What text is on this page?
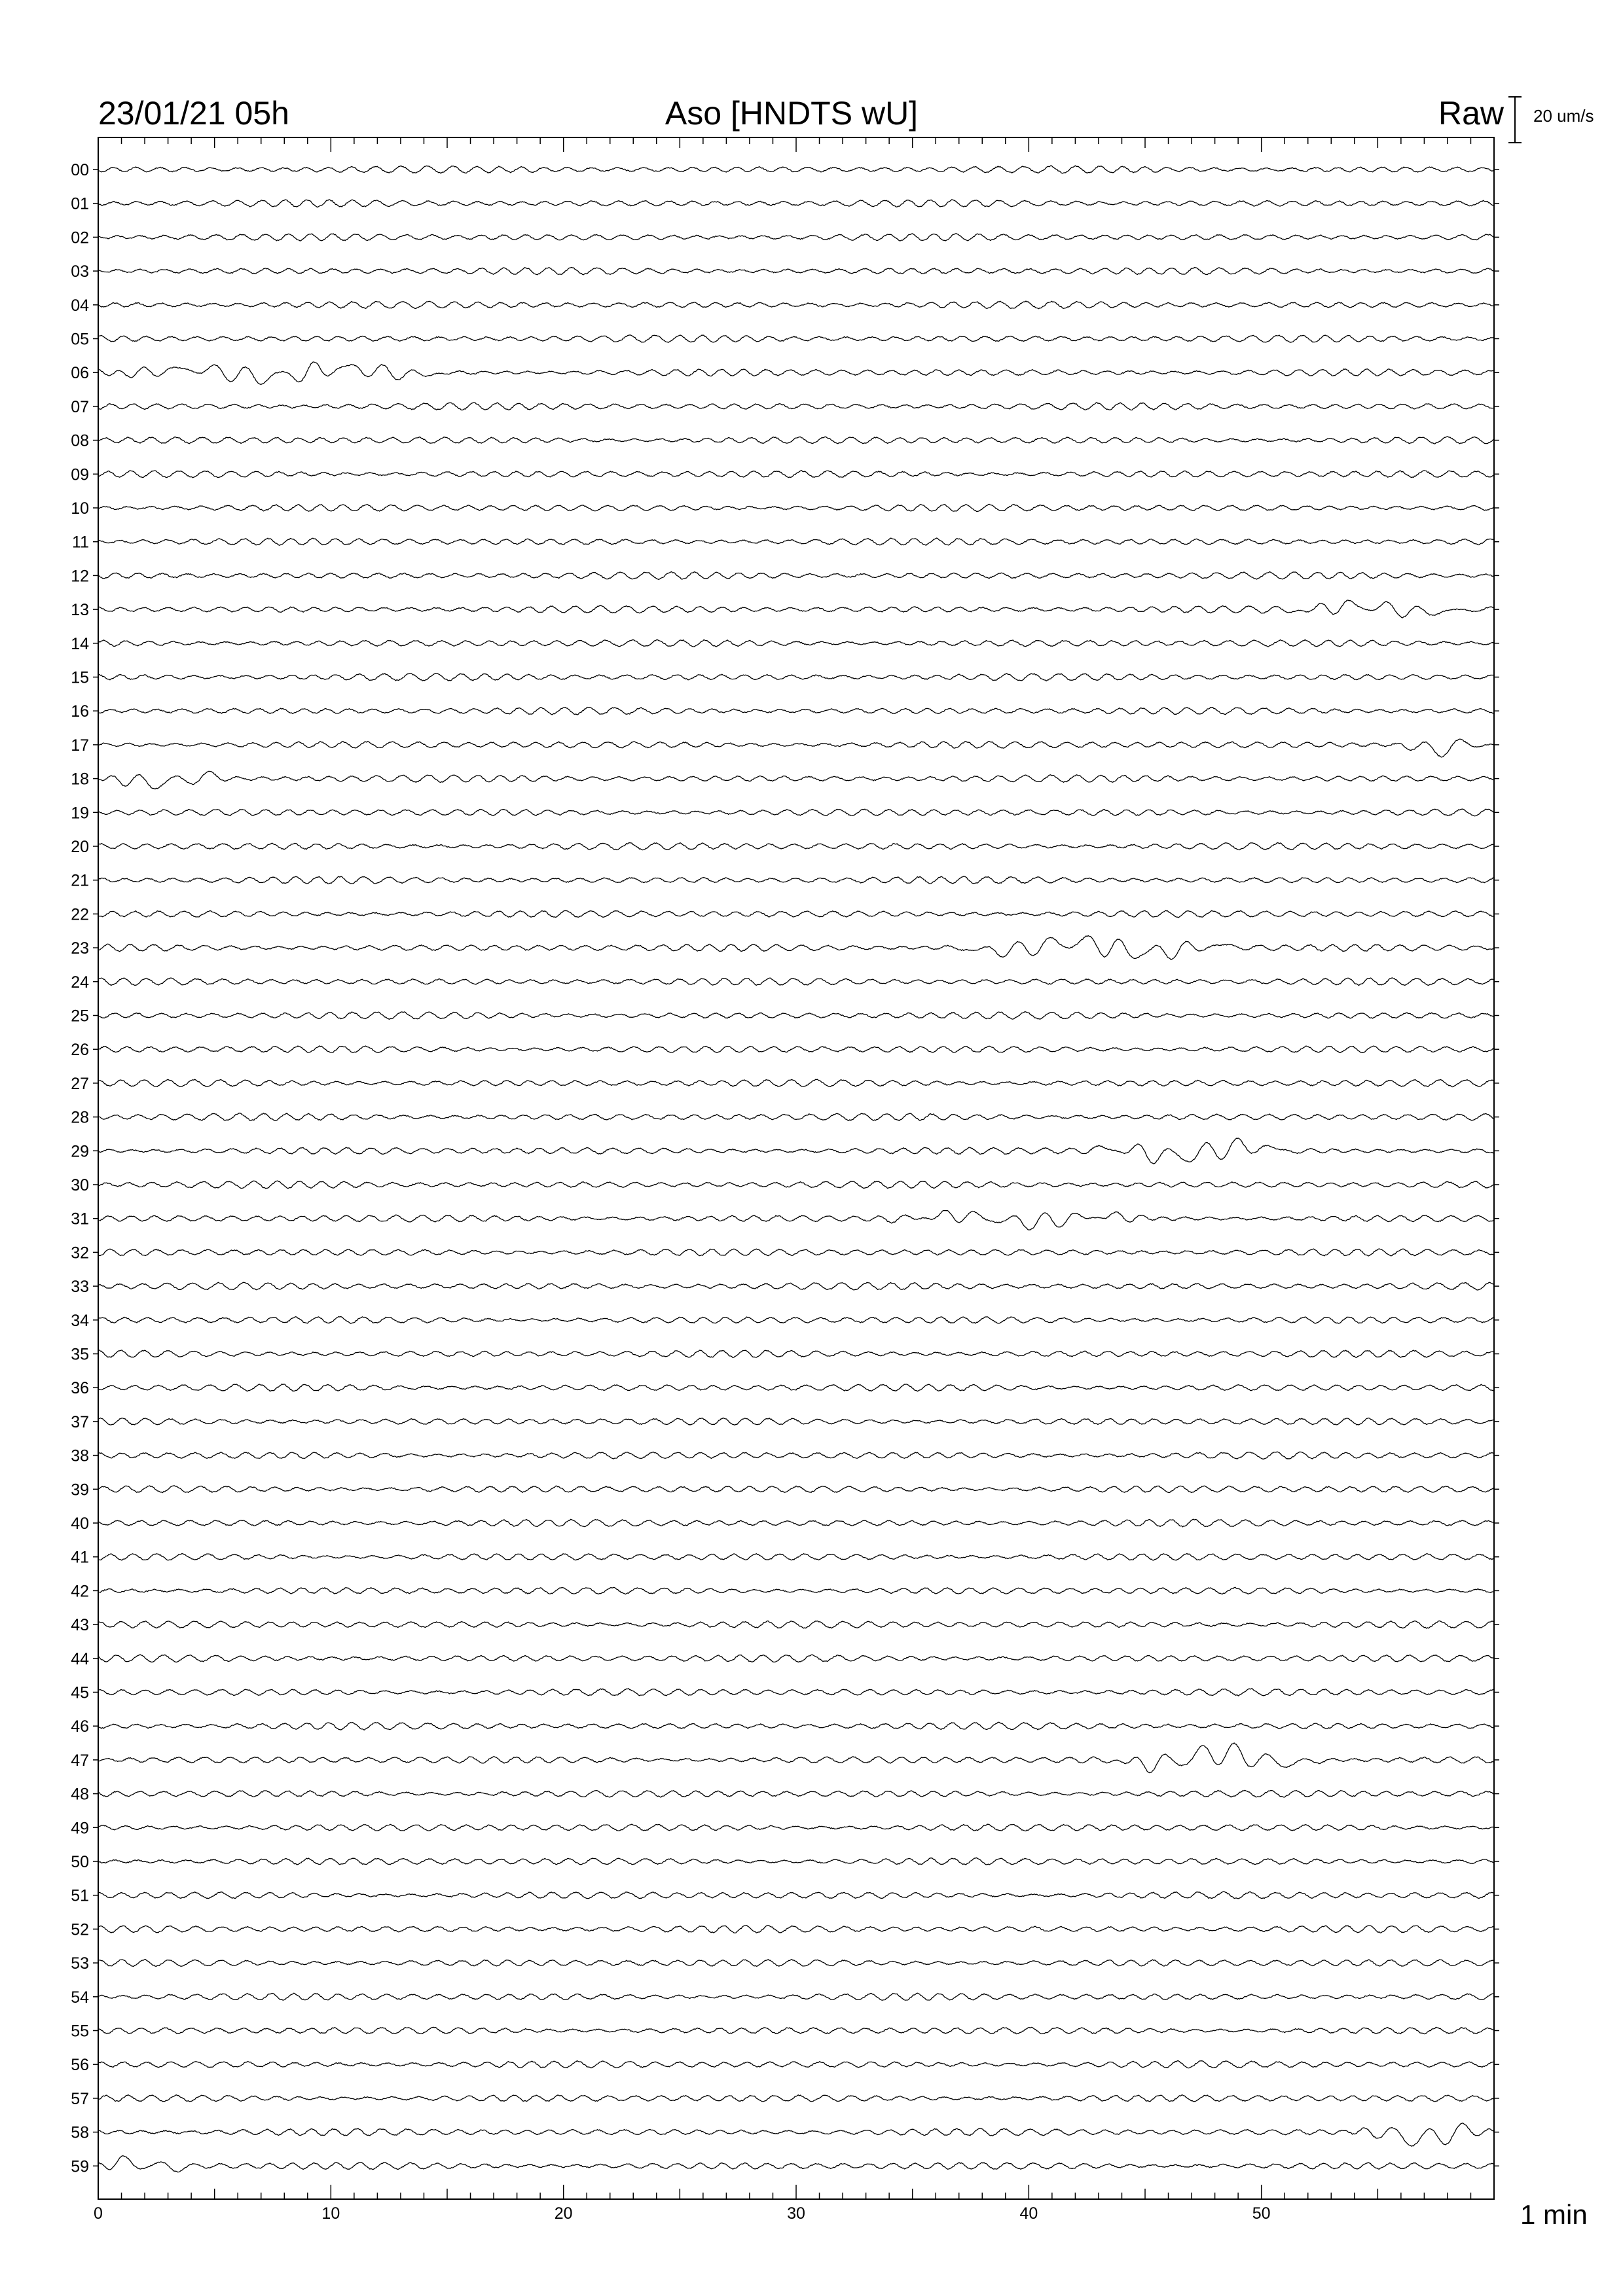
0	10	20	30	40	50
00
01
02
03
04
05
06
07
08
09
10
11
12
13
14
15
16
17
18
19
20
21
22
23
24
25
26
27
28
29
30
31
32
33
34
35
36
37
38
39
40
41
42
43
44
45
46
47
48
49
50
51
52
53
54
55
56
57
58
59
23/01/21 05h	Aso [HNDTS wU]	Raw 20 um/s
1 min
